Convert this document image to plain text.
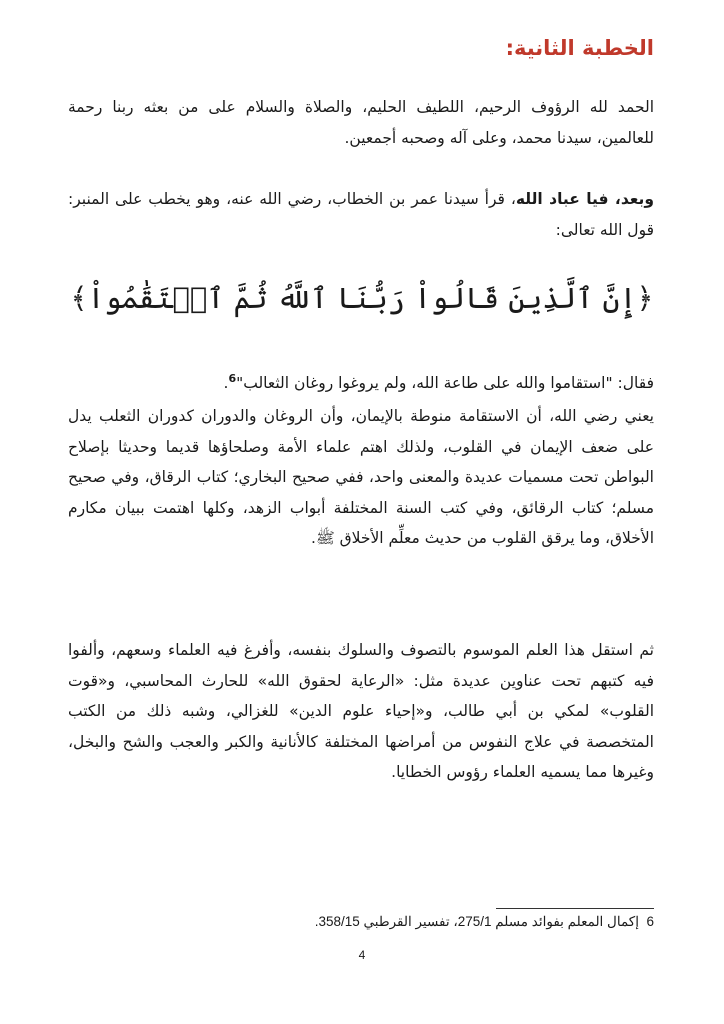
الخطبة الثانية:
الحمد لله الرؤوف الرحيم، اللطيف الحليم، والصلاة والسلام على من بعثه ربنا رحمة للعالمين، سيدنا محمد، وعلى آله وصحبه أجمعين.
وبعد، فيا عباد الله، قرأ سيدنا عمر بن الخطاب، رضي الله عنه، وهو يخطب على المنبر: قول الله تعالى:
﴿إِنَّ ٱلَّذِينَ قَالُواْ رَبُّنَا ٱللَّهُ ثُمَّ ٱسۡتَقَٰمُواْ﴾
فقال: "استقاموا والله على طاعة الله، ولم يروغوا روغان الثعالب"$^6$.
يعني رضي الله، أن الاستقامة منوطة بالإيمان، وأن الروغان والدوران كدوران الثعلب يدل على ضعف الإيمان في القلوب، ولذلك اهتم علماء الأمة وصلحاؤها قديما وحديثا بإصلاح البواطن تحت مسميات عديدة والمعنى واحد، ففي صحيح البخاري؛ كتاب الرقاق، وفي صحيح مسلم؛ كتاب الرقائق، وفي كتب السنة المختلفة أبواب الزهد، وكلها اهتمت ببيان مكارم الأخلاق، وما يرقق القلوب من حديث معلِّم الأخلاق ﷺ.
ثم استقل هذا العلم الموسوم بالتصوف والسلوك بنفسه، وأفرغ فيه العلماء وسعهم، وألفوا فيه كتبهم تحت عناوين عديدة مثل: «الرعاية لحقوق الله» للحارث المحاسبي، و«قوت القلوب» لمكي بن أبي طالب، و«إحياء علوم الدين» للغزالي، وشبه ذلك من الكتب المتخصصة في علاج النفوس من أمراضها المختلفة كالأنانية والكبر والعجب والشح والبخل، وغيرها مما يسميه العلماء رؤوس الخطايا.
6  إكمال المعلم بفوائد مسلم 275/1، تفسير القرطبي 358/15.
4
